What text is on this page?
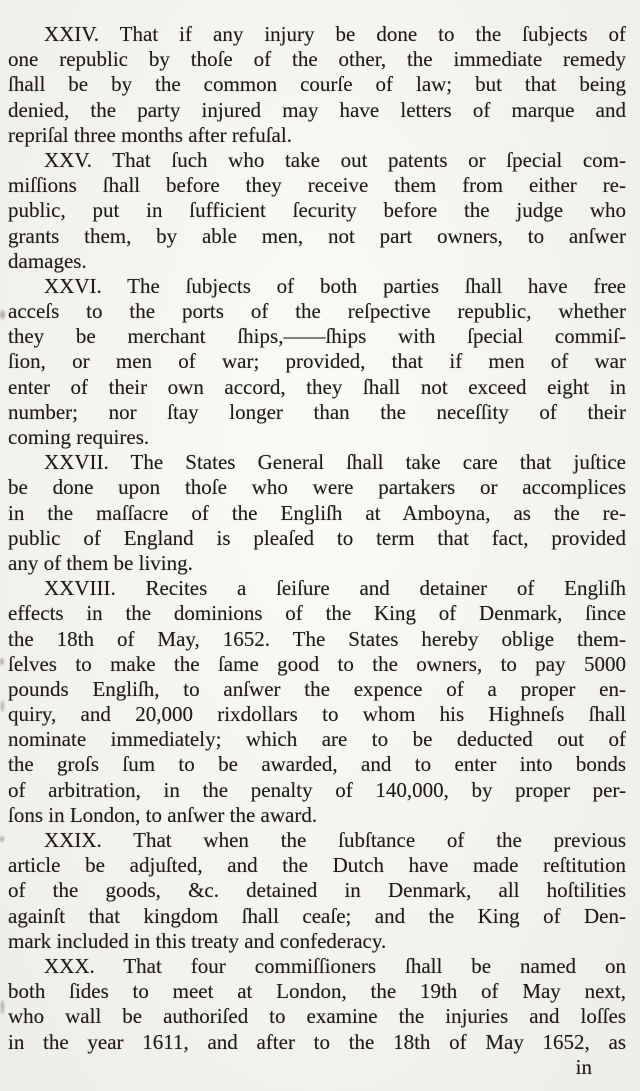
XXIV. That if any injury be done to the ſubjects of
one republic by thoſe of the other, the immediate remedy
ſhall be by the common courſe of law; but that being
denied, the party injured may have letters of marque and
repriſal three months after refuſal.
XXV. That ſuch who take out patents or ſpecial com-
miſſions ſhall before they receive them from either re-
public, put in ſufficient ſecurity before the judge who
grants them, by able men, not part owners, to anſwer
damages.
XXVI. The ſubjects of both parties ſhall have free
acceſs to the ports of the reſpective republic, whether
they be merchant ſhips,——ſhips with ſpecial commiſ-
ſion, or men of war; provided, that if men of war
enter of their own accord, they ſhall not exceed eight in
number; nor ſtay longer than the neceſſity of their
coming requires.
XXVII. The States General ſhall take care that juſtice
be done upon thoſe who were partakers or accomplices
in the maſſacre of the Engliſh at Amboyna, as the re-
public of England is pleaſed to term that fact, provided
any of them be living.
XXVIII. Recites a ſeiſure and detainer of Engliſh
effects in the dominions of the King of Denmark, ſince
the 18th of May, 1652. The States hereby oblige them-
ſelves to make the ſame good to the owners, to pay 5000
pounds Engliſh, to anſwer the expence of a proper en-
quiry, and 20,000 rixdollars to whom his Highneſs ſhall
nominate immediately; which are to be deducted out of
the groſs ſum to be awarded, and to enter into bonds
of arbitration, in the penalty of 140,000, by proper per-
ſons in London, to anſwer the award.
XXIX. That when the ſubſtance of the previous
article be adjuſted, and the Dutch have made reſtitution
of the goods, &c. detained in Denmark, all hoſtilities
againſt that kingdom ſhall ceaſe; and the King of Den-
mark included in this treaty and confederacy.
XXX. That four commiſſioners ſhall be named on
both ſides to meet at London, the 19th of May next,
who wall be authoriſed to examine the injuries and loſſes
in the year 1611, and after to the 18th of May 1652, as
in
